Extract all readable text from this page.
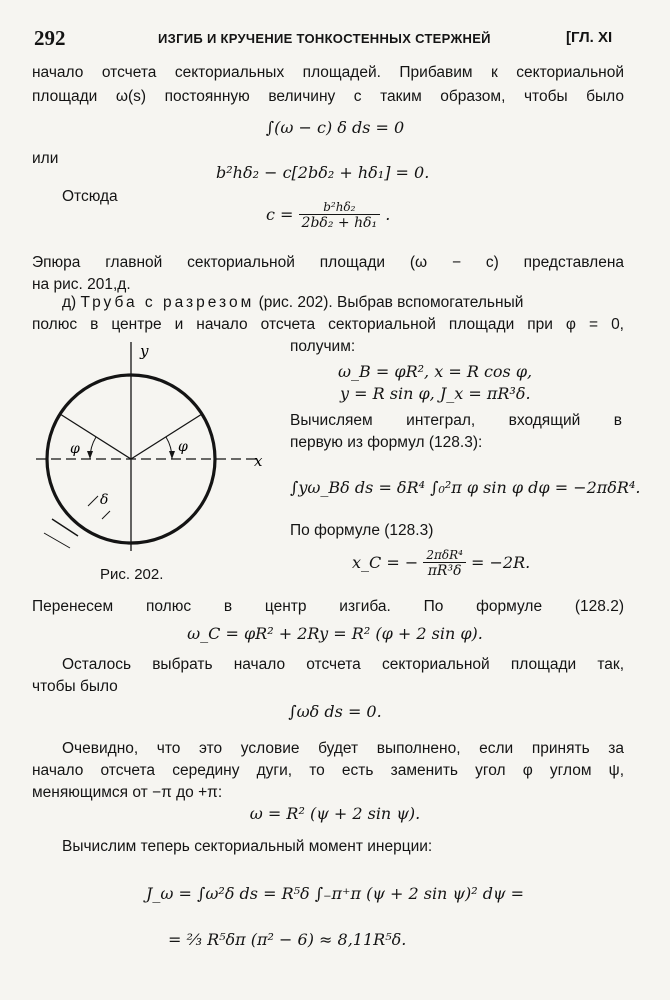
292	ИЗГИБ И КРУЧЕНИЕ ТОНКОСТЕННЫХ СТЕРЖНЕЙ	[ГЛ. XI
начало отсчета секториальных площадей. Прибавим к секториальной
площади ω(s) постоянную величину c таким образом, чтобы было
∫(ω − c) δ ds = 0
или
b²hδ₂ − c[2bδ₂ + hδ₁] = 0.
Отсюда
$c = \frac{\text{b²hδ₂}}{\text{2bδ₂ + hδ₁}}$ .
Эпюра главной секториальной площади (ω − c) представлена
на рис. 201,д.
д) Труба с разрезом (рис. 202). Выбрав вспомогательный
полюс в центре и начало отсчета секториальной площади при φ = 0,
y
x
φ	φ
δ
Рис. 202.
получим:
ω_B = φR², x = R cos φ,
y = R sin φ, J_x = πR³δ.
Вычисляем интеграл, входящий в
первую из формул (128.3):
∫yω_Bδ ds = δR⁴ ∫₀²π φ sin φ dφ = −2πδR⁴.
По формуле (128.3)
x_C = − $\frac{\text{2πδR⁴}}{\text{πR³δ}} = -2R$.
Перенесем полюс в центр изгиба. По формуле (128.2)
ω_C = φR² + 2Ry = R² (φ + 2 sin φ).
Осталось выбрать начало отсчета секториальной площади так,
чтобы было
∫ωδ ds = 0.
Очевидно, что это условие будет выполнено, если принять за
начало отсчета середину дуги, то есть заменить угол φ углом ψ,
меняющимся от −π до +π:
ω = R² (ψ + 2 sin ψ).
Вычислим теперь секториальный момент инерции:
J_ω = ∫ω²δ ds = R⁵δ ∫₋π⁺π (ψ + 2 sin ψ)² dψ =
= ⅔ R⁵δπ (π² − 6) ≈ 8,11R⁵δ.
